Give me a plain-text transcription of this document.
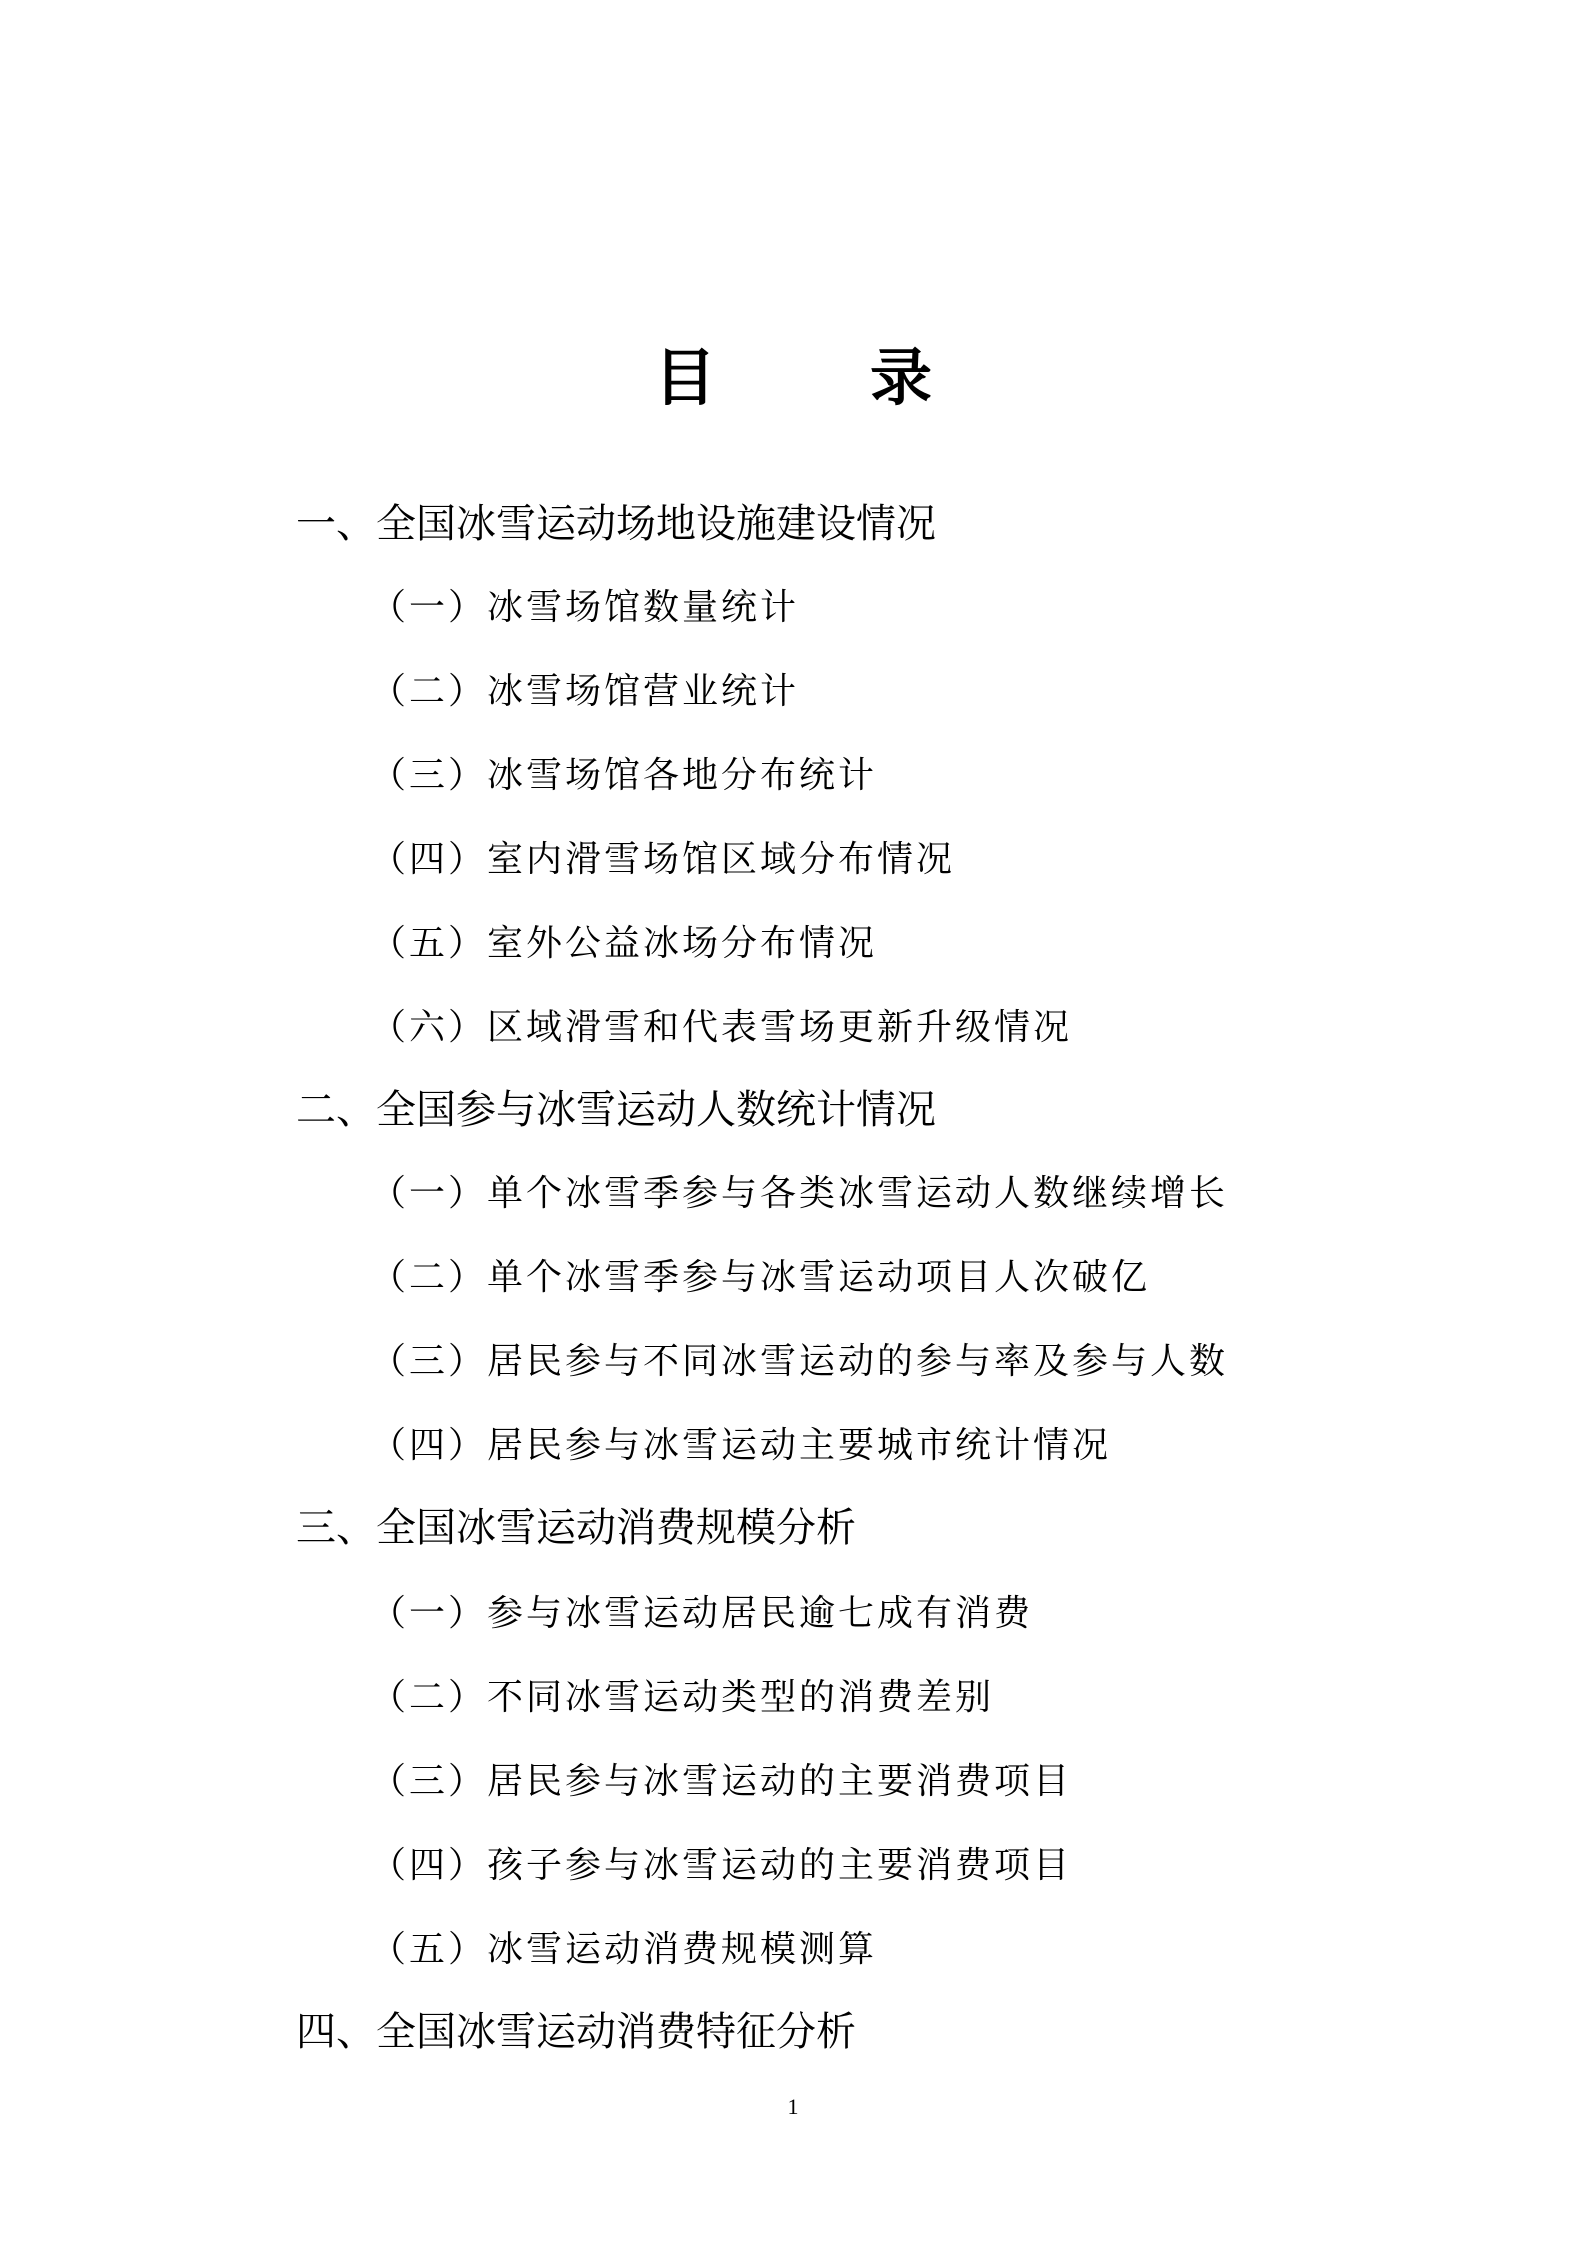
目　录
一、全国冰雪运动场地设施建设情况
（一）冰雪场馆数量统计
（二）冰雪场馆营业统计
（三）冰雪场馆各地分布统计
（四）室内滑雪场馆区域分布情况
（五）室外公益冰场分布情况
（六）区域滑雪和代表雪场更新升级情况
二、全国参与冰雪运动人数统计情况
（一）单个冰雪季参与各类冰雪运动人数继续增长
（二）单个冰雪季参与冰雪运动项目人次破亿
（三）居民参与不同冰雪运动的参与率及参与人数
（四）居民参与冰雪运动主要城市统计情况
三、全国冰雪运动消费规模分析
（一）参与冰雪运动居民逾七成有消费
（二）不同冰雪运动类型的消费差别
（三）居民参与冰雪运动的主要消费项目
（四）孩子参与冰雪运动的主要消费项目
（五）冰雪运动消费规模测算
四、全国冰雪运动消费特征分析
1
